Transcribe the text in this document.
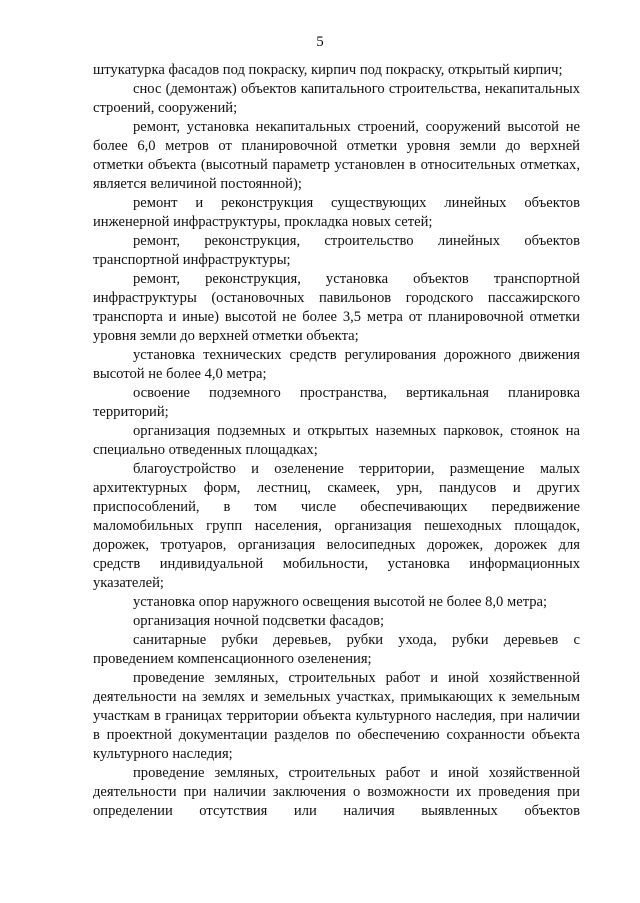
5

штукатурка фасадов под покраску, кирпич под покраску, открытый кирпич;

снос (демонтаж) объектов капитального строительства, некапитальных строений, сооружений;

ремонт, установка некапитальных строений, сооружений высотой не более 6,0 метров от планировочной отметки уровня земли до верхней отметки объекта (высотный параметр установлен в относительных отметках, является величиной постоянной);

ремонт и реконструкция существующих линейных объектов инженерной инфраструктуры, прокладка новых сетей;

ремонт, реконструкция, строительство линейных объектов транспортной инфраструктуры;

ремонт, реконструкция, установка объектов транспортной инфраструктуры (остановочных павильонов городского пассажирского транспорта и иные) высотой не более 3,5 метра от планировочной отметки уровня земли до верхней отметки объекта;

установка технических средств регулирования дорожного движения высотой не более 4,0 метра;

освоение подземного пространства, вертикальная планировка территорий;

организация подземных и открытых наземных парковок, стоянок на специально отведенных площадках;

благоустройство и озеленение территории, размещение малых архитектурных форм, лестниц, скамеек, урн, пандусов и других приспособлений, в том числе обеспечивающих передвижение маломобильных групп населения, организация пешеходных площадок, дорожек, тротуаров, организация велосипедных дорожек, дорожек для средств индивидуальной мобильности, установка информационных указателей;

установка опор наружного освещения высотой не более 8,0 метра;

организация ночной подсветки фасадов;

санитарные рубки деревьев, рубки ухода, рубки деревьев с проведением компенсационного озеленения;

проведение земляных, строительных работ и иной хозяйственной деятельности на землях и земельных участках, примыкающих к земельным участкам в границах территории объекта культурного наследия, при наличии в проектной документации разделов по обеспечению сохранности объекта культурного наследия;

проведение земляных, строительных работ и иной хозяйственной деятельности при наличии заключения о возможности их проведения при определении отсутствия или наличия выявленных объектов
